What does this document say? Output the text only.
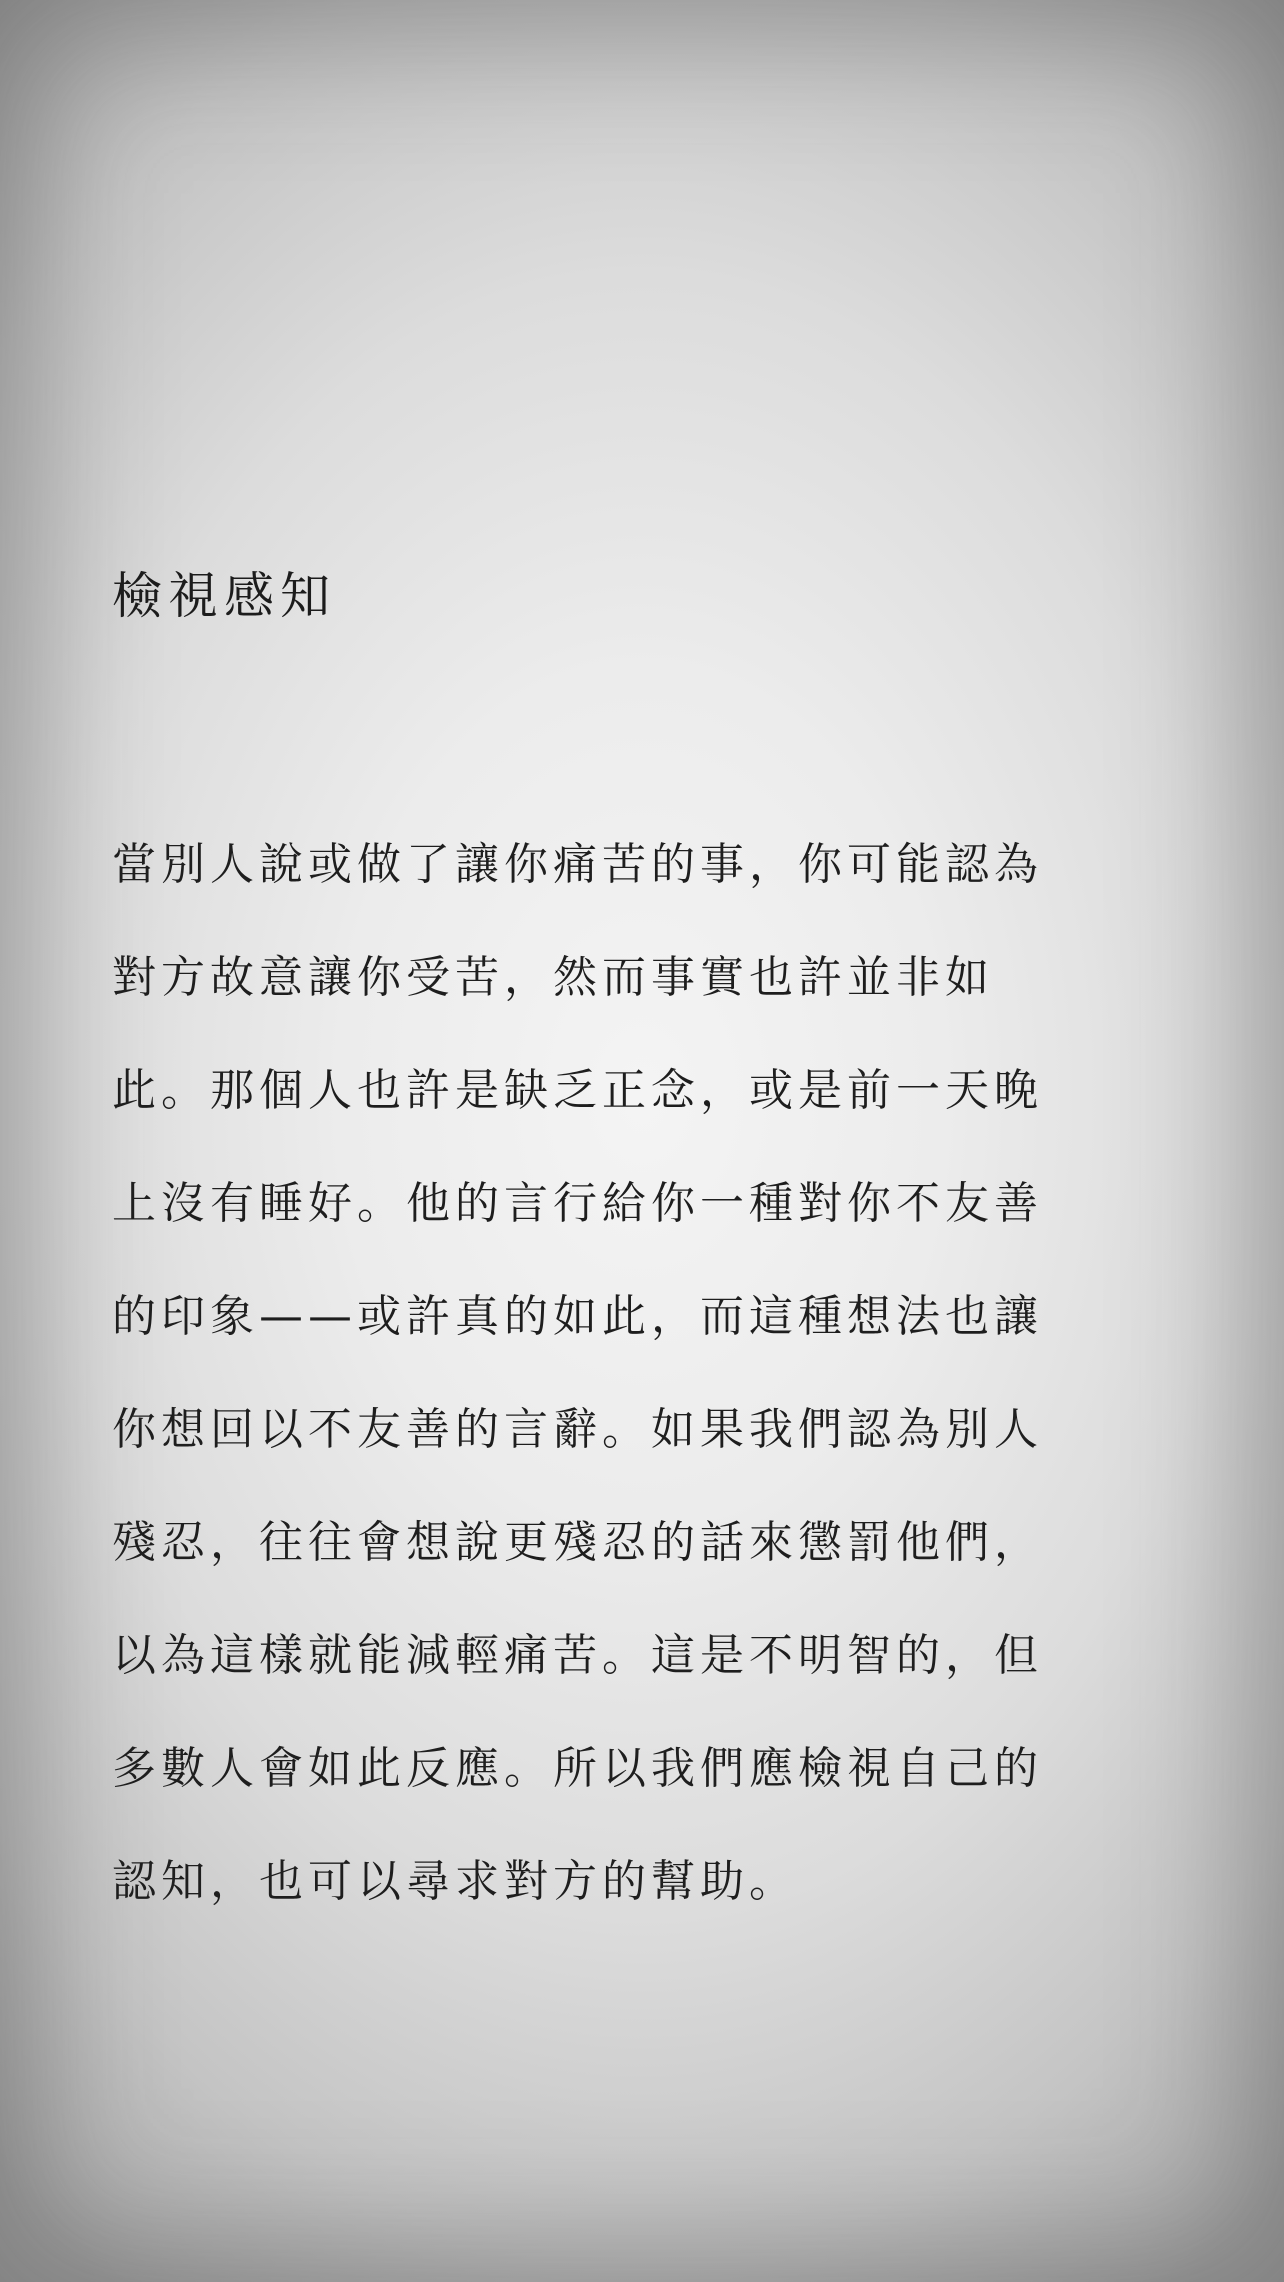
檢視感知
當別人說或做了讓你痛苦的事，你可能認為
對方故意讓你受苦，然而事實也許並非如
此。那個人也許是缺乏正念，或是前一天晚
上沒有睡好。他的言行給你一種對你不友善
的印象——或許真的如此，而這種想法也讓
你想回以不友善的言辭。如果我們認為別人
殘忍，往往會想說更殘忍的話來懲罰他們，
以為這樣就能減輕痛苦。這是不明智的，但
多數人會如此反應。所以我們應檢視自己的
認知，也可以尋求對方的幫助。
